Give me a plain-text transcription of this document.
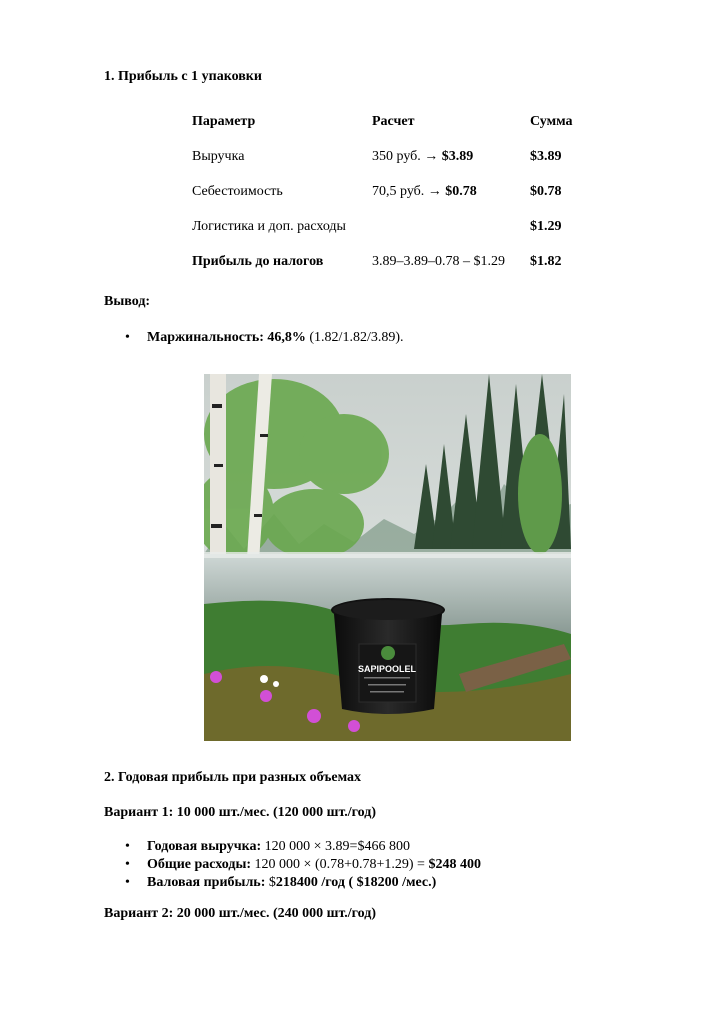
1. Прибыль с 1 упаковки
Параметр	Расчет	Сумма
Выручка	350 руб. → $3.89	$3.89
Себестоимость	70,5 руб. → $0.78	$0.78
Логистика и доп. расходы		$1.29
Прибыль до налогов	3.89–3.89–0.78 – $1.29	$1.82
Вывод:
• Маржинальность: 46,8% (1.82/1.82/3.89).
SAPIPOOLEL
2. Годовая прибыль при разных объемах
Вариант 1: 10 000 шт./мес. (120 000 шт./год)
• Годовая выручка: 120 000 × 3.89=$466 800
• Общие расходы: 120 000 × (0.78+0.78+1.29) = $248 400
• Валовая прибыль: $218400 /год ( $18200 /мес.)
Вариант 2: 20 000 шт./мес. (240 000 шт./год)
